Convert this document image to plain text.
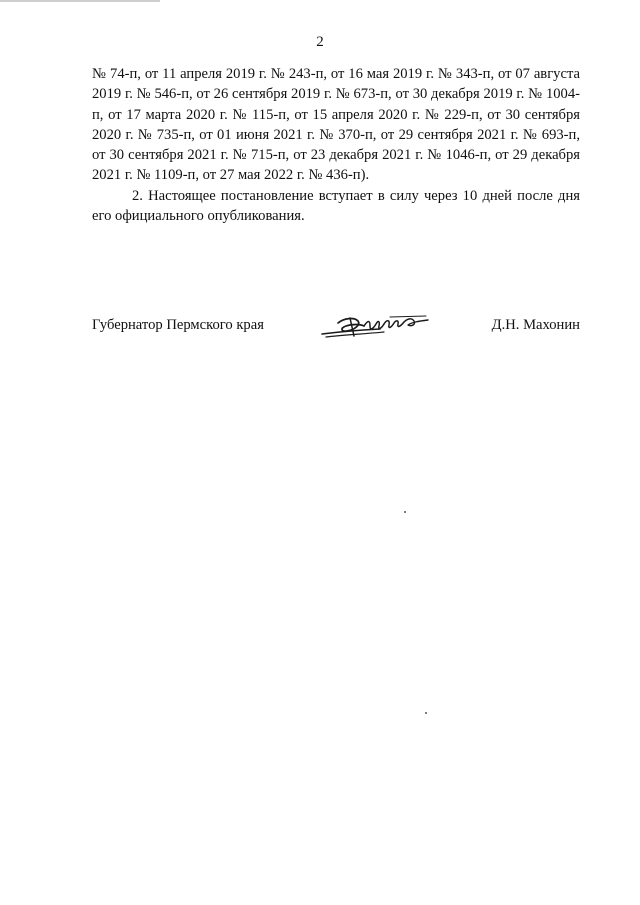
2

№ 74-п, от 11 апреля 2019 г. № 243-п, от 16 мая 2019 г. № 343-п, от 07 августа 2019 г. № 546-п, от 26 сентября 2019 г. № 673-п, от 30 декабря 2019 г. № 1004-п, от 17 марта 2020 г. № 115-п, от 15 апреля 2020 г. № 229-п, от 30 сентября 2020 г. № 735-п, от 01 июня 2021 г. № 370-п, от 29 сентября 2021 г. № 693-п, от 30 сентября 2021 г. № 715-п, от 23 декабря 2021 г. № 1046-п, от 29 декабря 2021 г. № 1109-п, от 27 мая 2022 г. № 436-п).

2. Настоящее постановление вступает в силу через 10 дней после дня его официального опубликования.

Губернатор Пермского края	Д.Н. Махонин
